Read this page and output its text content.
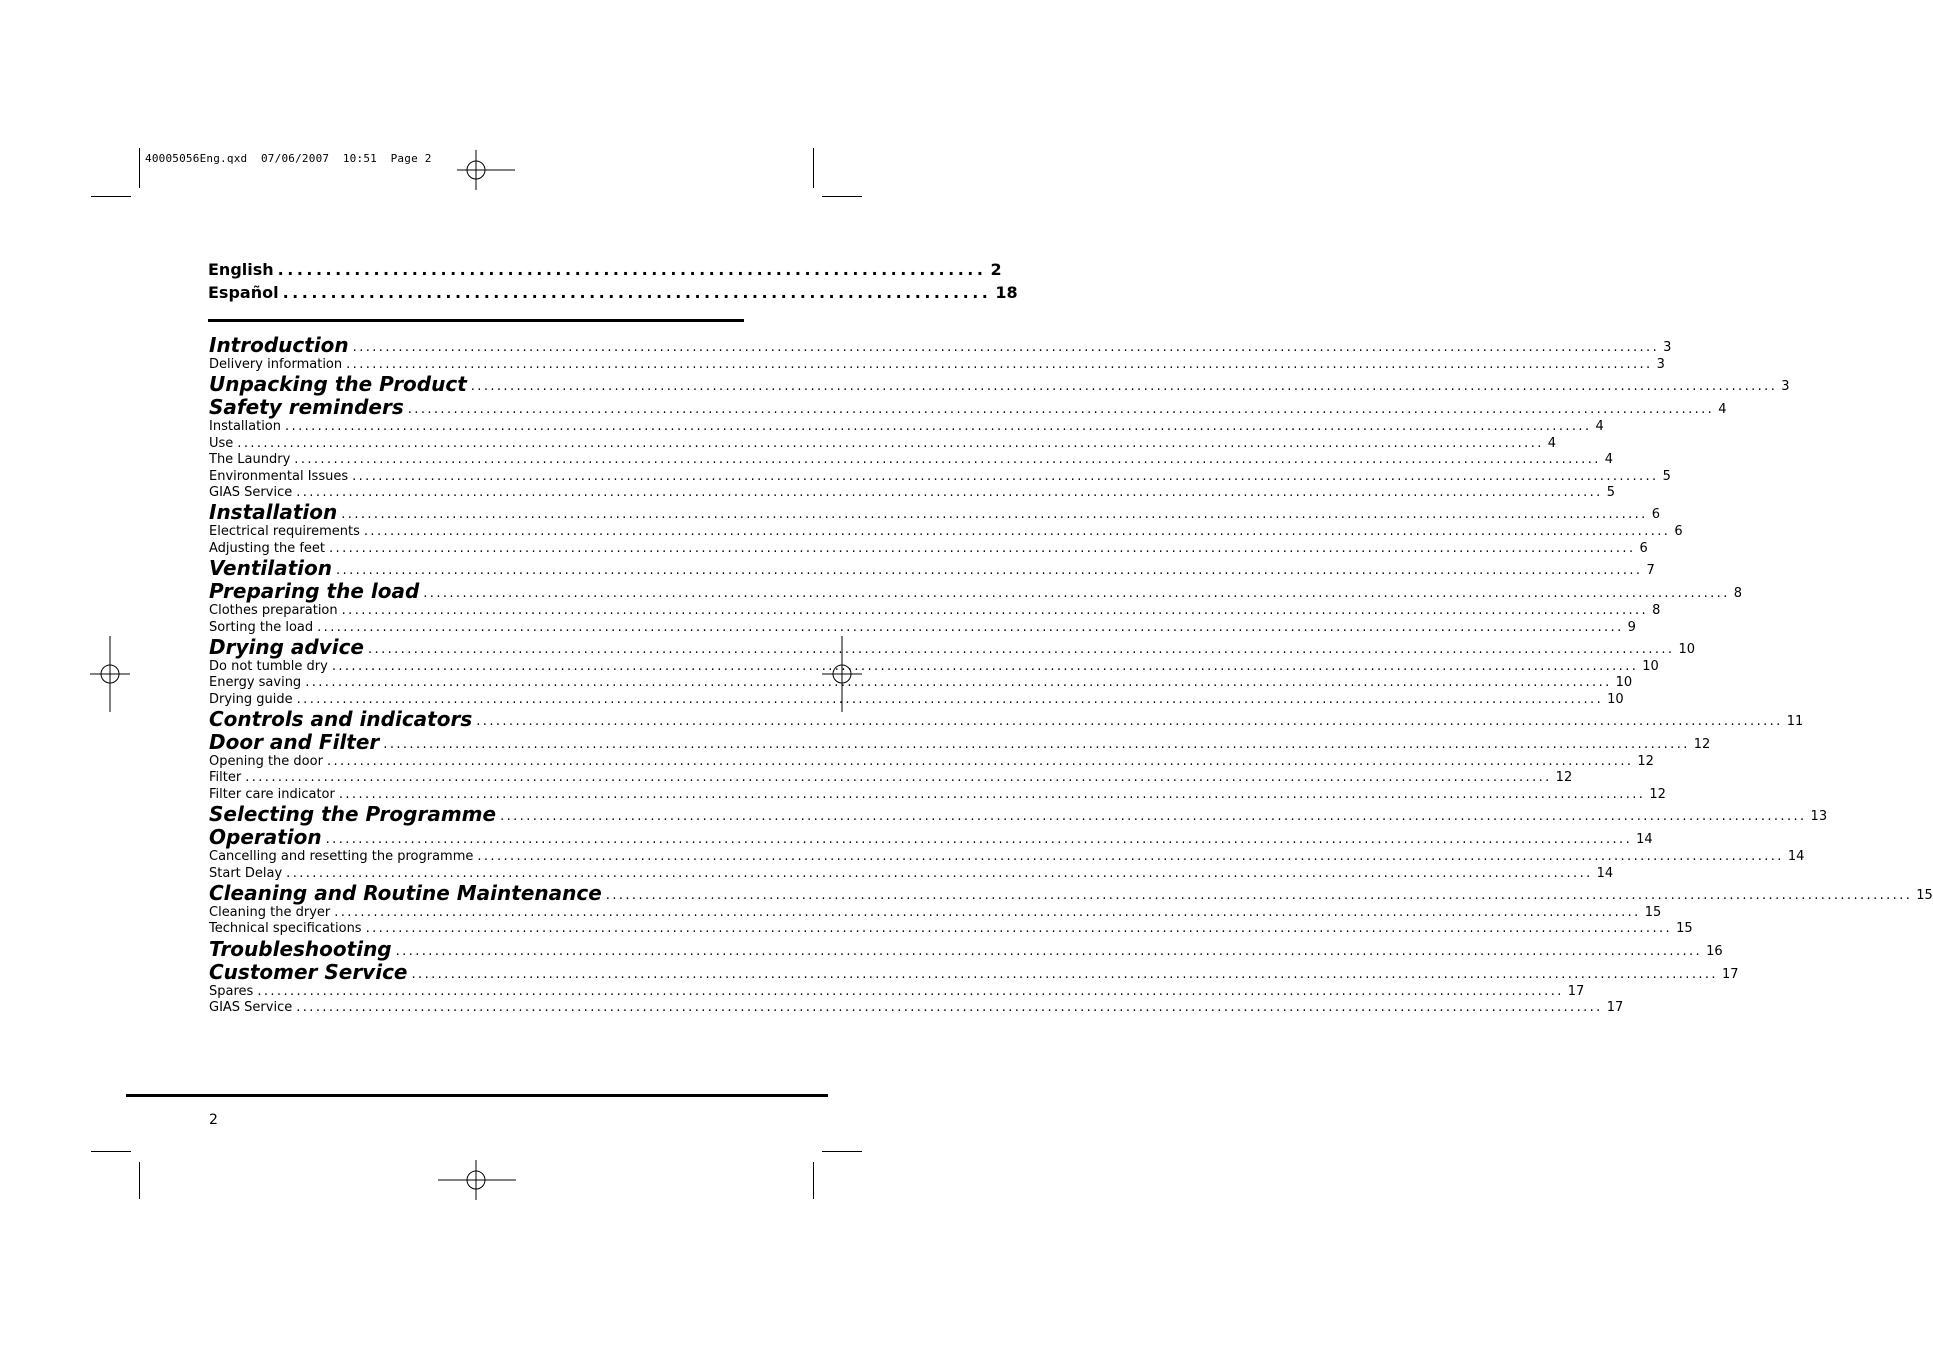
40005056Eng.qxd  07/06/2007  10:51  Page 2
English .......................................................................... 2
Español .......................................................................... 18
Introduction ........................................................................................................................................................................................................ 3
Delivery information ........................................................................................................................................................................................................ 3
Unpacking the Product ........................................................................................................................................................................................................ 3
Safety reminders ........................................................................................................................................................................................................ 4
Installation ........................................................................................................................................................................................................ 4
Use ........................................................................................................................................................................................................ 4
The Laundry ........................................................................................................................................................................................................ 4
Environmental Issues ........................................................................................................................................................................................................ 5
GIAS Service ........................................................................................................................................................................................................ 5
Installation ........................................................................................................................................................................................................ 6
Electrical requirements ........................................................................................................................................................................................................ 6
Adjusting the feet ........................................................................................................................................................................................................ 6
Ventilation ........................................................................................................................................................................................................ 7
Preparing the load ........................................................................................................................................................................................................ 8
Clothes preparation ........................................................................................................................................................................................................ 8
Sorting the load ........................................................................................................................................................................................................ 9
Drying advice ........................................................................................................................................................................................................ 10
Do not tumble dry ........................................................................................................................................................................................................ 10
Energy saving ........................................................................................................................................................................................................ 10
Drying guide ........................................................................................................................................................................................................ 10
Controls and indicators ........................................................................................................................................................................................................ 11
Door and Filter ........................................................................................................................................................................................................ 12
Opening the door ........................................................................................................................................................................................................ 12
Filter ........................................................................................................................................................................................................ 12
Filter care indicator ........................................................................................................................................................................................................ 12
Selecting the Programme ........................................................................................................................................................................................................ 13
Operation ........................................................................................................................................................................................................ 14
Cancelling and resetting the programme ........................................................................................................................................................................................................ 14
Start Delay ........................................................................................................................................................................................................ 14
Cleaning and Routine Maintenance ........................................................................................................................................................................................................ 15
Cleaning the dryer ........................................................................................................................................................................................................ 15
Technical specifications ........................................................................................................................................................................................................ 15
Troubleshooting ........................................................................................................................................................................................................ 16
Customer Service ........................................................................................................................................................................................................ 17
Spares ........................................................................................................................................................................................................ 17
GIAS Service ........................................................................................................................................................................................................ 17
2
